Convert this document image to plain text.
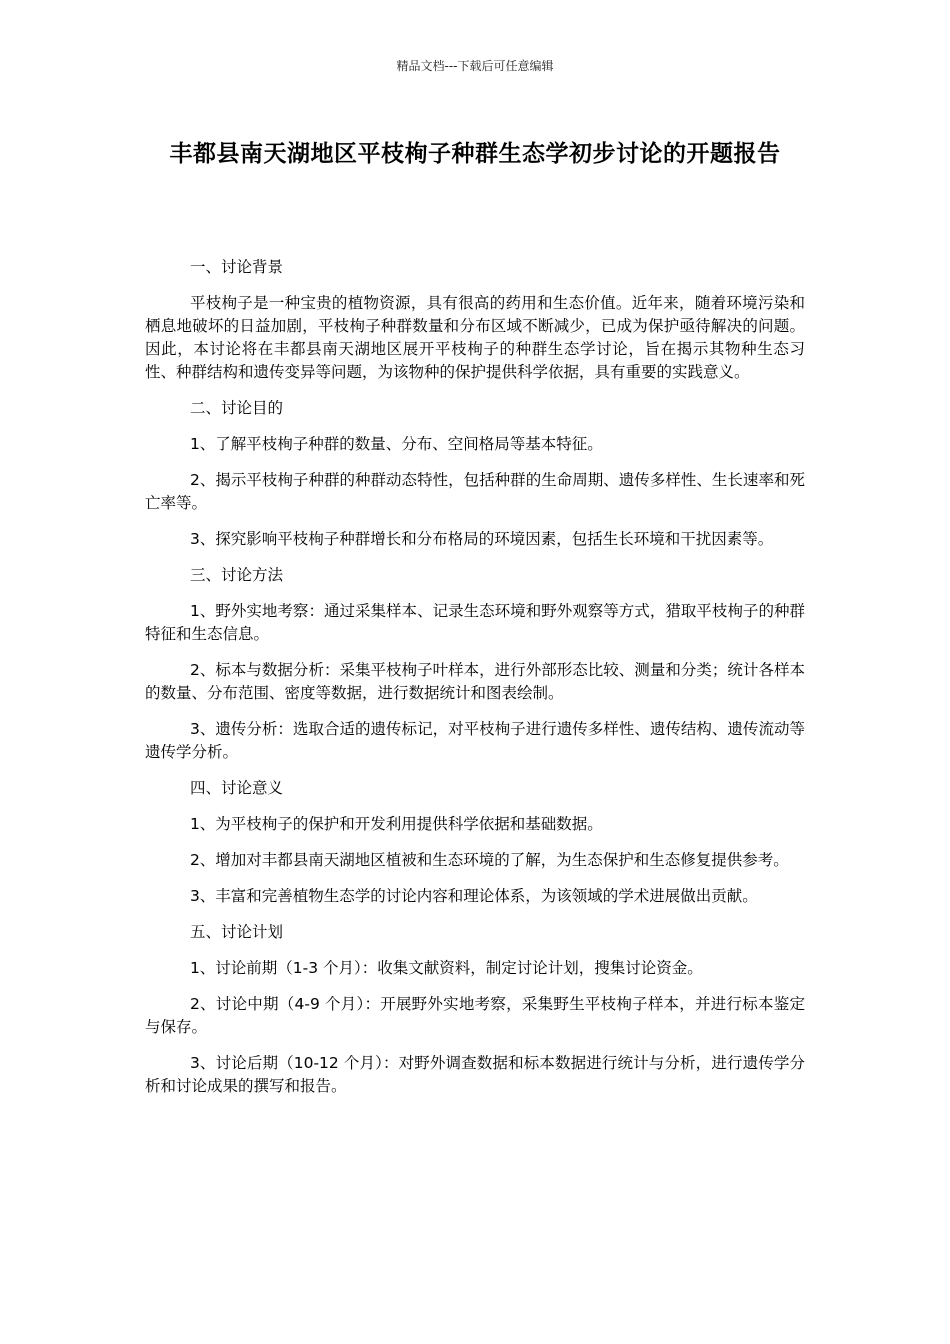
精品文档---下载后可任意编辑
丰都县南天湖地区平枝栒子种群生态学初步讨论的开题报告

一、讨论背景

平枝栒子是一种宝贵的植物资源，具有很高的药用和生态价值。近年来，随着环境污染和栖息地破坏的日益加剧，平枝栒子种群数量和分布区域不断减少，已成为保护亟待解决的问题。因此，本讨论将在丰都县南天湖地区展开平枝栒子的种群生态学讨论，旨在揭示其物种生态习性、种群结构和遗传变异等问题，为该物种的保护提供科学依据，具有重要的实践意义。

二、讨论目的

1、了解平枝栒子种群的数量、分布、空间格局等基本特征。

2、揭示平枝栒子种群的种群动态特性，包括种群的生命周期、遗传多样性、生长速率和死亡率等。

3、探究影响平枝栒子种群增长和分布格局的环境因素，包括生长环境和干扰因素等。

三、讨论方法

1、野外实地考察：通过采集样本、记录生态环境和野外观察等方式，猎取平枝栒子的种群特征和生态信息。

2、标本与数据分析：采集平枝栒子叶样本，进行外部形态比较、测量和分类；统计各样本的数量、分布范围、密度等数据，进行数据统计和图表绘制。

3、遗传分析：选取合适的遗传标记，对平枝栒子进行遗传多样性、遗传结构、遗传流动等遗传学分析。

四、讨论意义

1、为平枝栒子的保护和开发利用提供科学依据和基础数据。

2、增加对丰都县南天湖地区植被和生态环境的了解，为生态保护和生态修复提供参考。

3、丰富和完善植物生态学的讨论内容和理论体系，为该领域的学术进展做出贡献。

五、讨论计划

1、讨论前期（1-3 个月）：收集文献资料，制定讨论计划，搜集讨论资金。

2、讨论中期（4-9 个月）：开展野外实地考察，采集野生平枝栒子样本，并进行标本鉴定与保存。

3、讨论后期（10-12 个月）：对野外调查数据和标本数据进行统计与分析，进行遗传学分析和讨论成果的撰写和报告。
